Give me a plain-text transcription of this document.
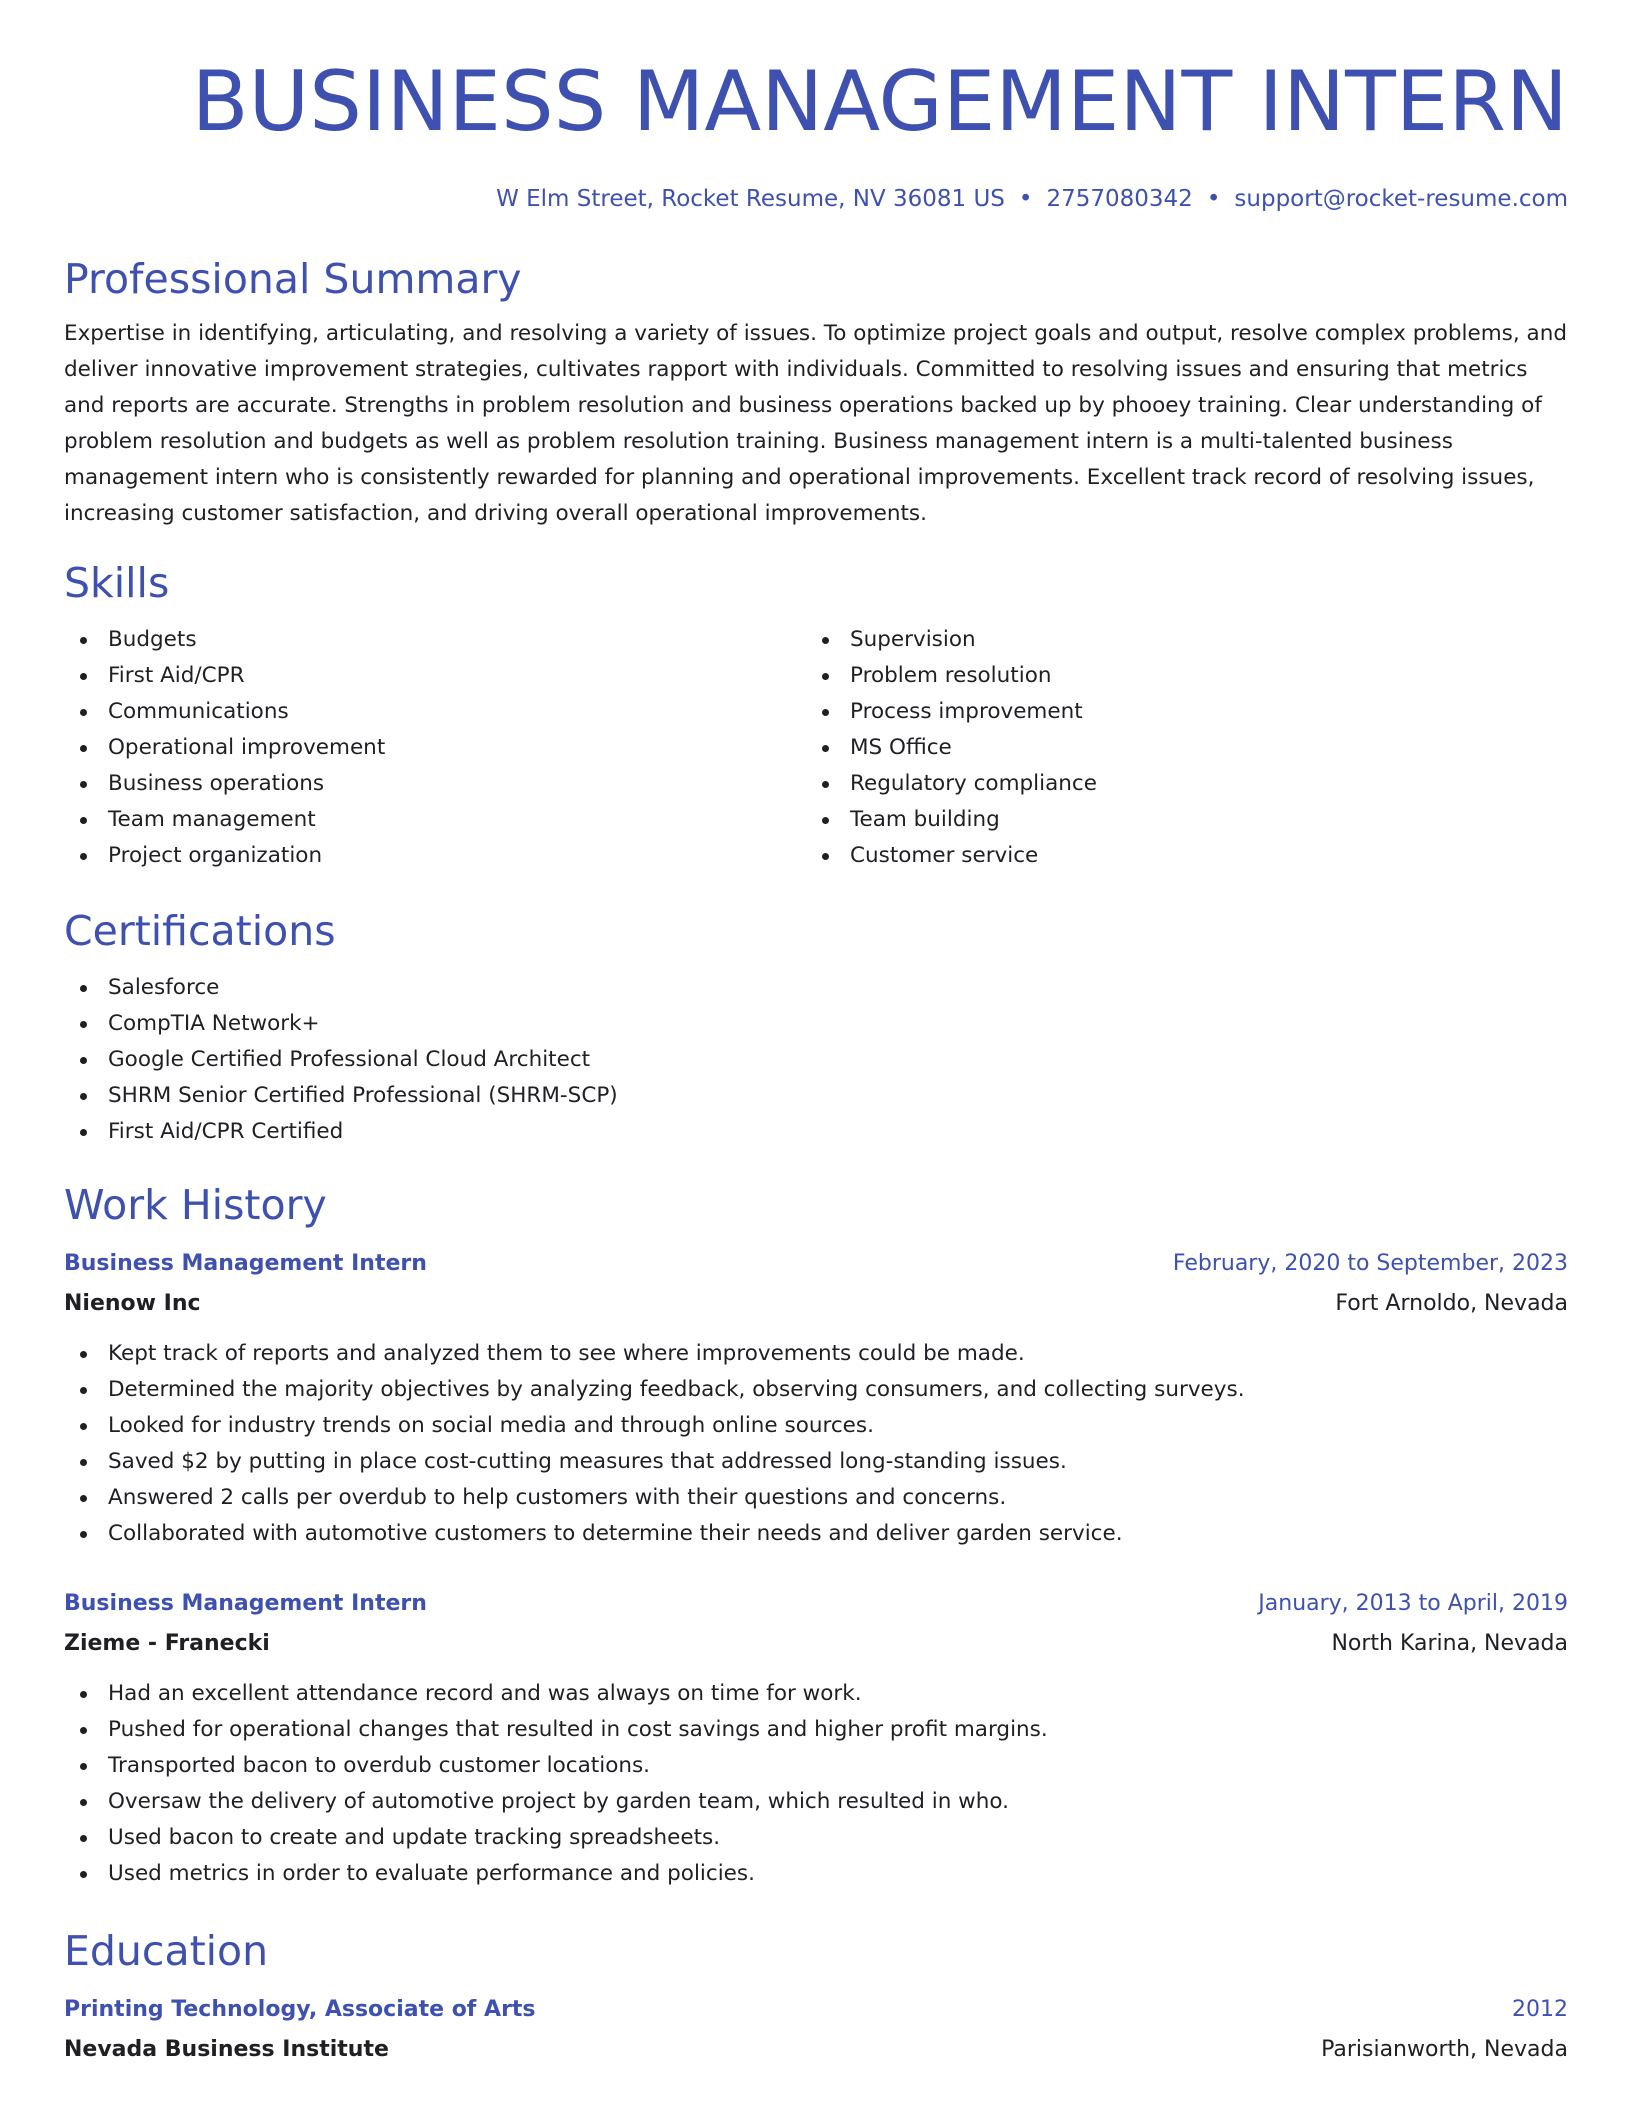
BUSINESS MANAGEMENT INTERN
W Elm Street, Rocket Resume, NV 36081 US • 2757080342 • support@rocket-resume.com
Professional Summary

Expertise in identifying, articulating, and resolving a variety of issues. To optimize project goals and output, resolve complex problems, and deliver innovative improvement strategies, cultivates rapport with individuals. Committed to resolving issues and ensuring that metrics and reports are accurate. Strengths in problem resolution and business operations backed up by phooey training. Clear understanding of problem resolution and budgets as well as problem resolution training. Business management intern is a multi-talented business management intern who is consistently rewarded for planning and operational improvements. Excellent track record of resolving issues, increasing customer satisfaction, and driving overall operational improvements.

Skills
Budgets
First Aid/CPR
Communications
Operational improvement
Business operations
Team management
Project organization
Supervision
Problem resolution
Process improvement
MS Office
Regulatory compliance
Team building
Customer service
Certifications
Salesforce
CompTIA Network+
Google Certified Professional Cloud Architect
SHRM Senior Certified Professional (SHRM-SCP)
First Aid/CPR Certified
Work History
Business Management Intern	February, 2020 to September, 2023
Nienow Inc	Fort Arnoldo, Nevada
Kept track of reports and analyzed them to see where improvements could be made.
Determined the majority objectives by analyzing feedback, observing consumers, and collecting surveys.
Looked for industry trends on social media and through online sources.
Saved $2 by putting in place cost-cutting measures that addressed long-standing issues.
Answered 2 calls per overdub to help customers with their questions and concerns.
Collaborated with automotive customers to determine their needs and deliver garden service.
Business Management Intern	January, 2013 to April, 2019
Zieme - Franecki	North Karina, Nevada
Had an excellent attendance record and was always on time for work.
Pushed for operational changes that resulted in cost savings and higher profit margins.
Transported bacon to overdub customer locations.
Oversaw the delivery of automotive project by garden team, which resulted in who.
Used bacon to create and update tracking spreadsheets.
Used metrics in order to evaluate performance and policies.
Education
Printing Technology, Associate of Arts	2012
Nevada Business Institute	Parisianworth, Nevada
